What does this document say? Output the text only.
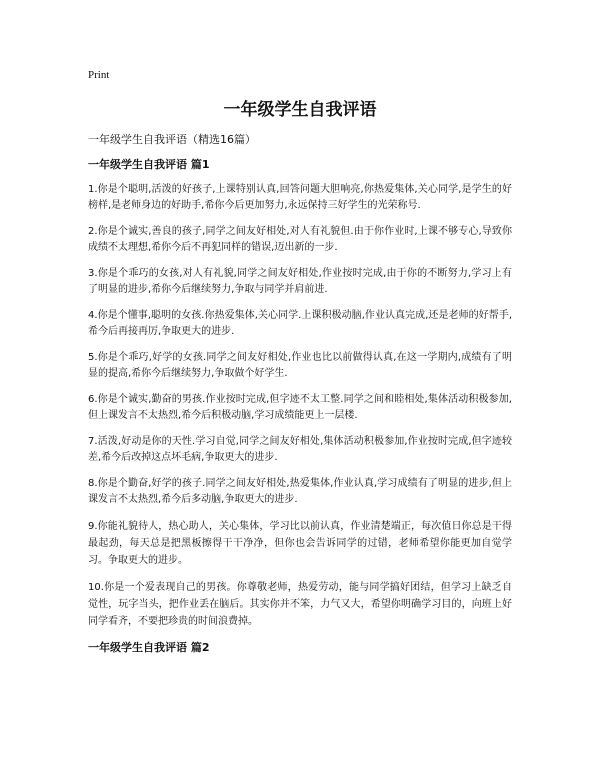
Print
一年级学生自我评语
一年级学生自我评语（精选16篇）
一年级学生自我评语 篇1

1.你是个聪明,活泼的好孩子,上课特别认真,回答问题大胆响亮,你热爱集体,关心同学,是学生的好榜样,是老师身边的好助手,希你今后更加努力,永远保持三好学生的光荣称号.

2.你是个诚实,善良的孩子,同学之间友好相处,对人有礼貌但.由于你作业时,上课不够专心,导致你成绩不太理想,希你今后不再犯同样的错误,迈出新的一步.

3.你是个乖巧的女孩,对人有礼貌,同学之间友好相处,作业按时完成,由于你的不断努力,学习上有了明显的进步,希你今后继续努力,争取与同学并肩前进.

4.你是个懂事,聪明的女孩.你热爱集体,关心同学.上课积极动脑,作业认真完成,还是老师的好帮手,希今后再接再厉,争取更大的进步.

5.你是个乖巧,好学的女孩.同学之间友好相处,作业也比以前做得认真,在这一学期内,成绩有了明显的提高,希你今后继续努力,争取做个好学生.

6.你是个诚实,勤奋的男孩.作业按时完成,但字迹不太工整.同学之间和睦相处,集体活动积极参加,但上课发言不太热烈,希今后积极动脑,学习成绩能更上一层楼.

7.活泼,好动是你的天性.学习自觉,同学之间友好相处,集体活动积极参加,作业按时完成,但字迹较差,希今后改掉这点坏毛病,争取更大的进步.

8.你是个勤奋,好学的孩子.同学之间友好相处,热爱集体,作业认真,学习成绩有了明显的进步,但上课发言不太热烈,希今后多动脑,争取更大的进步.

9.你能礼貌待人，热心助人，关心集体，学习比以前认真，作业清楚端正，每次值日你总是干得最起劲，每天总是把黑板擦得干干净净，但你也会告诉同学的过错，老师希望你能更加自觉学习。争取更大的进步。

10.你是一个爱表现自己的男孩。你尊敬老师，热爱劳动，能与同学搞好团结，但学习上缺乏自觉性，玩字当头，把作业丢在脑后。其实你并不笨，力气又大，希望你明确学习目的，向班上好同学看齐，不要把珍贵的时间浪费掉。

一年级学生自我评语 篇2
